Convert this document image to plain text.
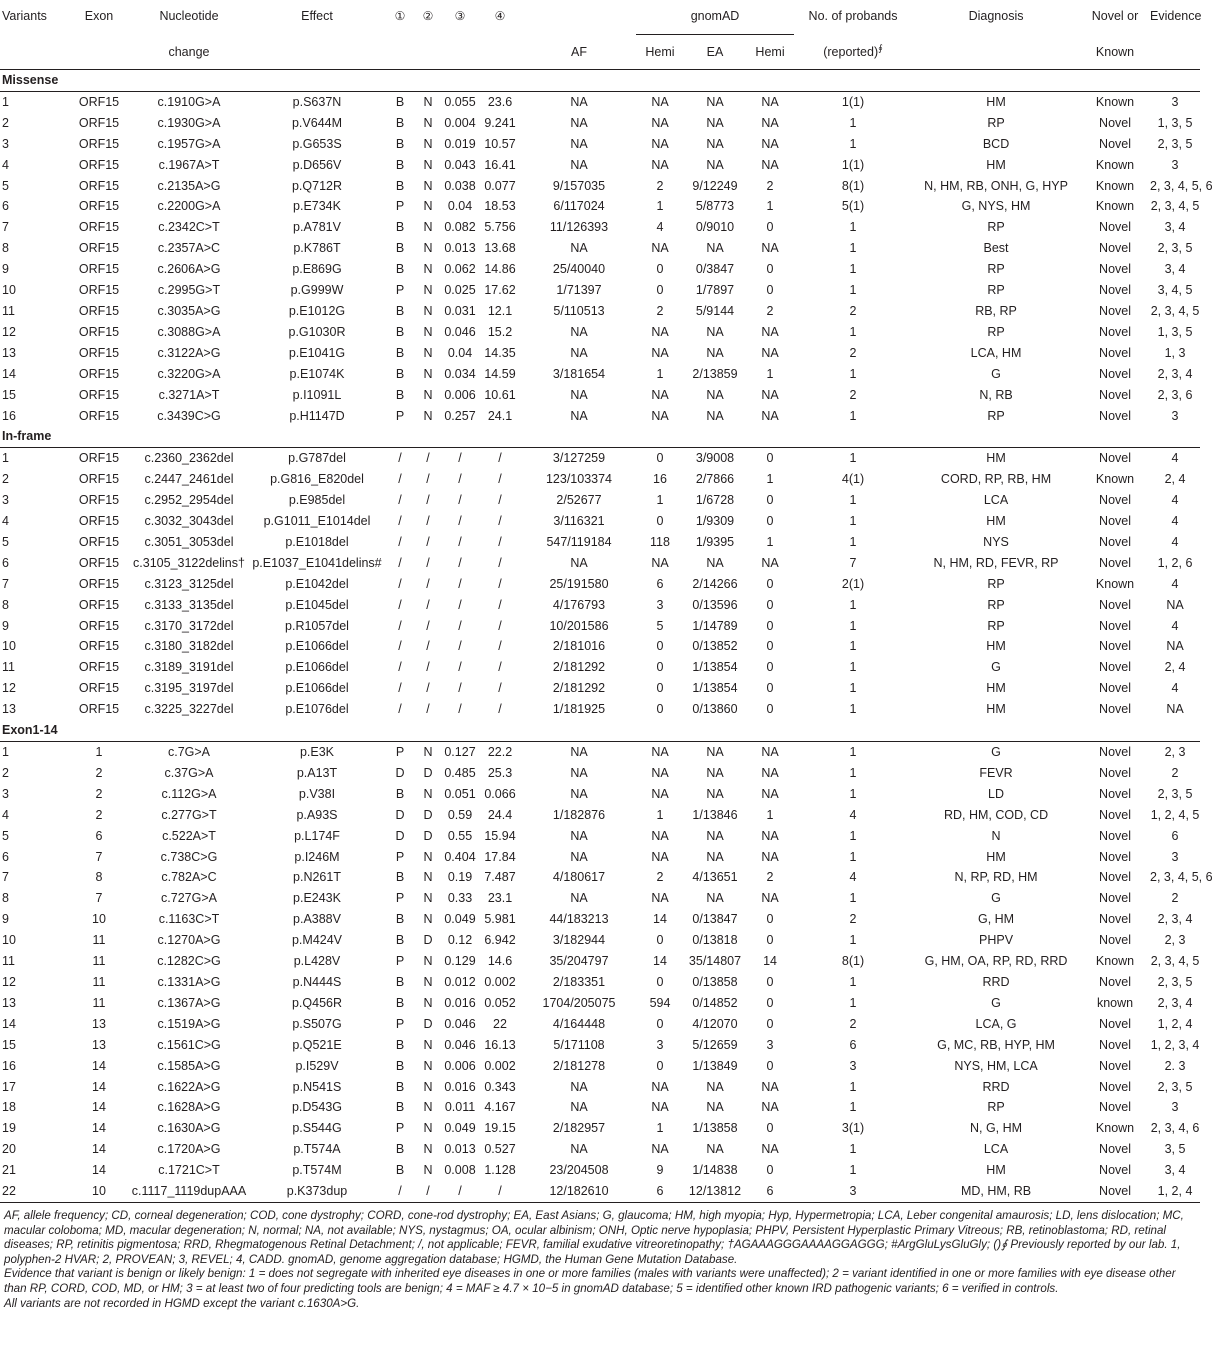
Variants	Exon	Nucleotide	Effect	①	②	③	④		gnomAD			No. of probands	Diagnosis	Novel or	Evidence
		change						AF	Hemi	EA	Hemi	(reported)∮		Known	
Missense															
1	ORF15	c.1910G>A	p.S637N	B	N	0.055	23.6	NA	NA	NA	NA	1(1)	HM	Known	3
2	ORF15	c.1930G>A	p.V644M	B	N	0.004	9.241	NA	NA	NA	NA	1	RP	Novel	1, 3, 5
3	ORF15	c.1957G>A	p.G653S	B	N	0.019	10.57	NA	NA	NA	NA	1	BCD	Novel	2, 3, 5
4	ORF15	c.1967A>T	p.D656V	B	N	0.043	16.41	NA	NA	NA	NA	1(1)	HM	Known	3
5	ORF15	c.2135A>G	p.Q712R	B	N	0.038	0.077	9/157035	2	9/12249	2	8(1)	N, HM, RB, ONH, G, HYP	Known	2, 3, 4, 5, 6
6	ORF15	c.2200G>A	p.E734K	P	N	0.04	18.53	6/117024	1	5/8773	1	5(1)	G, NYS, HM	Known	2, 3, 4, 5
7	ORF15	c.2342C>T	p.A781V	B	N	0.082	5.756	11/126393	4	0/9010	0	1	RP	Novel	3, 4
8	ORF15	c.2357A>C	p.K786T	B	N	0.013	13.68	NA	NA	NA	NA	1	Best	Novel	2, 3, 5
9	ORF15	c.2606A>G	p.E869G	B	N	0.062	14.86	25/40040	0	0/3847	0	1	RP	Novel	3, 4
10	ORF15	c.2995G>T	p.G999W	P	N	0.025	17.62	1/71397	0	1/7897	0	1	RP	Novel	3, 4, 5
11	ORF15	c.3035A>G	p.E1012G	B	N	0.031	12.1	5/110513	2	5/9144	2	2	RB, RP	Novel	2, 3, 4, 5
12	ORF15	c.3088G>A	p.G1030R	B	N	0.046	15.2	NA	NA	NA	NA	1	RP	Novel	1, 3, 5
13	ORF15	c.3122A>G	p.E1041G	B	N	0.04	14.35	NA	NA	NA	NA	2	LCA, HM	Novel	1, 3
14	ORF15	c.3220G>A	p.E1074K	B	N	0.034	14.59	3/181654	1	2/13859	1	1	G	Novel	2, 3, 4
15	ORF15	c.3271A>T	p.I1091L	B	N	0.006	10.61	NA	NA	NA	NA	2	N, RB	Novel	2, 3, 6
16	ORF15	c.3439C>G	p.H1147D	P	N	0.257	24.1	NA	NA	NA	NA	1	RP	Novel	3
In-frame															
1	ORF15	c.2360_2362del	p.G787del	/	/	/	/	3/127259	0	3/9008	0	1	HM	Novel	4
2	ORF15	c.2447_2461del	p.G816_E820del	/	/	/	/	123/103374	16	2/7866	1	4(1)	CORD, RP, RB, HM	Known	2, 4
3	ORF15	c.2952_2954del	p.E985del	/	/	/	/	2/52677	1	1/6728	0	1	LCA	Novel	4
4	ORF15	c.3032_3043del	p.G1011_E1014del	/	/	/	/	3/116321	0	1/9309	0	1	HM	Novel	4
5	ORF15	c.3051_3053del	p.E1018del	/	/	/	/	547/119184	118	1/9395	1	1	NYS	Novel	4
6	ORF15	c.3105_3122delins†	p.E1037_E1041delins#	/	/	/	/	NA	NA	NA	NA	7	N, HM, RD, FEVR, RP	Novel	1, 2, 6
7	ORF15	c.3123_3125del	p.E1042del	/	/	/	/	25/191580	6	2/14266	0	2(1)	RP	Known	4
8	ORF15	c.3133_3135del	p.E1045del	/	/	/	/	4/176793	3	0/13596	0	1	RP	Novel	NA
9	ORF15	c.3170_3172del	p.R1057del	/	/	/	/	10/201586	5	1/14789	0	1	RP	Novel	4
10	ORF15	c.3180_3182del	p.E1066del	/	/	/	/	2/181016	0	0/13852	0	1	HM	Novel	NA
11	ORF15	c.3189_3191del	p.E1066del	/	/	/	/	2/181292	0	1/13854	0	1	G	Novel	2, 4
12	ORF15	c.3195_3197del	p.E1066del	/	/	/	/	2/181292	0	1/13854	0	1	HM	Novel	4
13	ORF15	c.3225_3227del	p.E1076del	/	/	/	/	1/181925	0	0/13860	0	1	HM	Novel	NA
Exon1-14															
1	1	c.7G>A	p.E3K	P	N	0.127	22.2	NA	NA	NA	NA	1	G	Novel	2, 3
2	2	c.37G>A	p.A13T	D	D	0.485	25.3	NA	NA	NA	NA	1	FEVR	Novel	2
3	2	c.112G>A	p.V38I	B	N	0.051	0.066	NA	NA	NA	NA	1	LD	Novel	2, 3, 5
4	2	c.277G>T	p.A93S	D	D	0.59	24.4	1/182876	1	1/13846	1	4	RD, HM, COD, CD	Novel	1, 2, 4, 5
5	6	c.522A>T	p.L174F	D	D	0.55	15.94	NA	NA	NA	NA	1	N	Novel	6
6	7	c.738C>G	p.I246M	P	N	0.404	17.84	NA	NA	NA	NA	1	HM	Novel	3
7	8	c.782A>C	p.N261T	B	N	0.19	7.487	4/180617	2	4/13651	2	4	N, RP, RD, HM	Novel	2, 3, 4, 5, 6
8	7	c.727G>A	p.E243K	P	N	0.33	23.1	NA	NA	NA	NA	1	G	Novel	2
9	10	c.1163C>T	p.A388V	B	N	0.049	5.981	44/183213	14	0/13847	0	2	G, HM	Novel	2, 3, 4
10	11	c.1270A>G	p.M424V	B	D	0.12	6.942	3/182944	0	0/13818	0	1	PHPV	Novel	2, 3
11	11	c.1282C>G	p.L428V	P	N	0.129	14.6	35/204797	14	35/14807	14	8(1)	G, HM, OA, RP, RD, RRD	Known	2, 3, 4, 5
12	11	c.1331A>G	p.N444S	B	N	0.012	0.002	2/183351	0	0/13858	0	1	RRD	Novel	2, 3, 5
13	11	c.1367A>G	p.Q456R	B	N	0.016	0.052	1704/205075	594	0/14852	0	1	G	known	2, 3, 4
14	13	c.1519A>G	p.S507G	P	D	0.046	22	4/164448	0	4/12070	0	2	LCA, G	Novel	1, 2, 4
15	13	c.1561C>G	p.Q521E	B	N	0.046	16.13	5/171108	3	5/12659	3	6	G, MC, RB, HYP, HM	Novel	1, 2, 3, 4
16	14	c.1585A>G	p.I529V	B	N	0.006	0.002	2/181278	0	1/13849	0	3	NYS, HM, LCA	Novel	2. 3
17	14	c.1622A>G	p.N541S	B	N	0.016	0.343	NA	NA	NA	NA	1	RRD	Novel	2, 3, 5
18	14	c.1628A>G	p.D543G	B	N	0.011	4.167	NA	NA	NA	NA	1	RP	Novel	3
19	14	c.1630A>G	p.S544G	P	N	0.049	19.15	2/182957	1	1/13858	0	3(1)	N, G, HM	Known	2, 3, 4, 6
20	14	c.1720A>G	p.T574A	B	N	0.013	0.527	NA	NA	NA	NA	1	LCA	Novel	3, 5
21	14	c.1721C>T	p.T574M	B	N	0.008	1.128	23/204508	9	1/14838	0	1	HM	Novel	3, 4
22	10	c.1117_1119dupAAA	p.K373dup	/	/	/	/	12/182610	6	12/13812	6	3	MD, HM, RB	Novel	1, 2, 4

AF, allele frequency; CD, corneal degeneration; COD, cone dystrophy; CORD, cone-rod dystrophy; EA, East Asians; G, glaucoma; HM, high myopia; Hyp, Hypermetropia; LCA, Leber congenital amaurosis; LD, lens dislocation; MC, macular coloboma; MD, macular degeneration; N, normal; NA, not available; NYS, nystagmus; OA, ocular albinism; ONH, Optic nerve hypoplasia; PHPV, Persistent Hyperplastic Primary Vitreous; RB, retinoblastoma; RD, retinal diseases; RP, retinitis pigmentosa; RRD, Rhegmatogenous Retinal Detachment; /, not applicable; FEVR, familial exudative vitreoretinopathy; †AGAAAGGGAAAAGGAGGG; #ArgGluLysGluGly; ()∮ Previously reported by our lab. 1, polyphen-2 HVAR; 2, PROVEAN; 3, REVEL; 4, CADD. gnomAD, genome aggregation database; HGMD, the Human Gene Mutation Database.

Evidence that variant is benign or likely benign: 1 = does not segregate with inherited eye diseases in one or more families (males with variants were unaffected); 2 = variant identified in one or more families with eye disease other than RP, CORD, COD, MD, or HM; 3 = at least two of four predicting tools are benign; 4 = MAF ≥ 4.7 × 10−5 in gnomAD database; 5 = identified other known IRD pathogenic variants; 6 = verified in controls.

All variants are not recorded in HGMD except the variant c.1630A>G.
